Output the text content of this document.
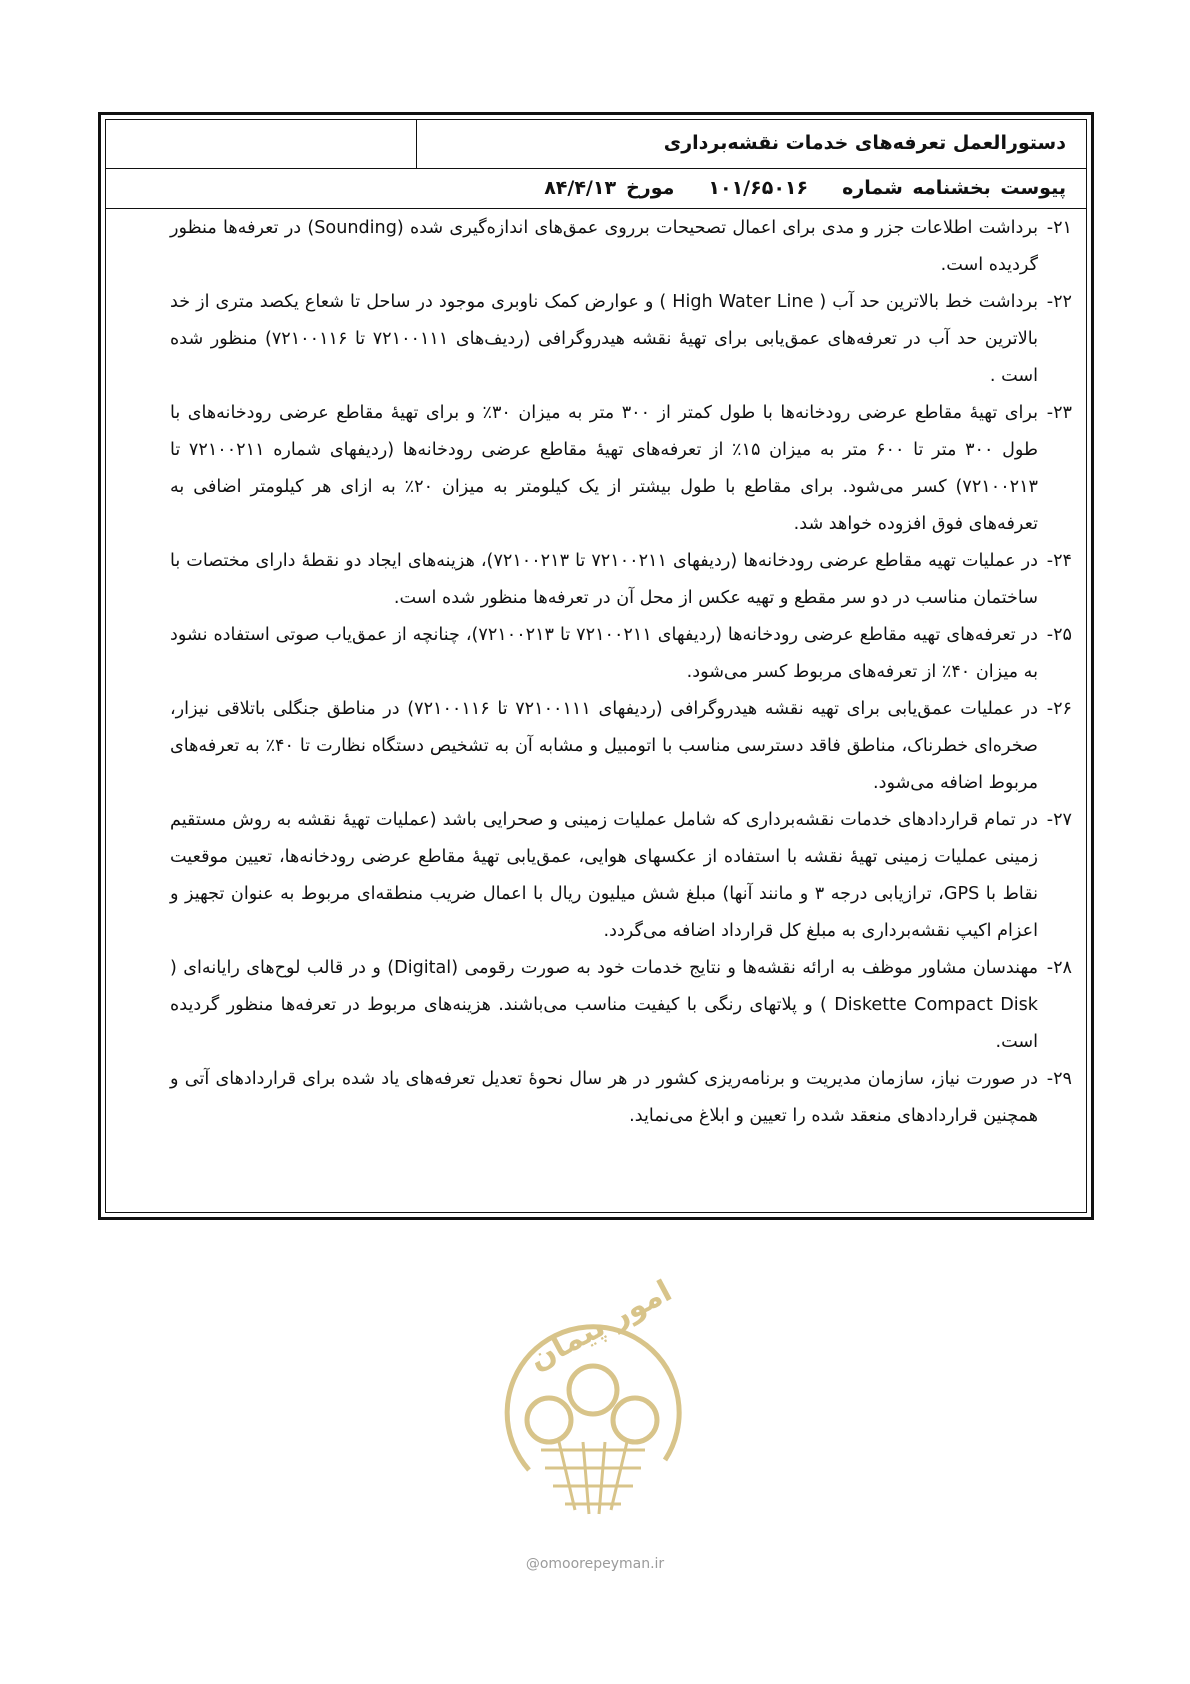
دستورالعمل تعرفه‌های خدمات نقشه‌برداری
پیوست بخشنامه شماره۱۰۱/۶۵۰۱۶مورخ۸۴/۴/۱۳
۲۱-
برداشت اطلاعات جزر و مدی برای اعمال تصحیحات برروی عمق‌های اندازه‌گیری شده (Sounding) در تعرفه‌ها منظور گردیده است.
۲۲-
برداشت خط بالاترین حد آب ( High Water Line ) و عوارض کمک ناوبری موجود در ساحل تا شعاع یکصد متری از خد بالاترین حد آب در تعرفه‌های عمق‌یابی برای تهیهٔ نقشه هیدروگرافی (ردیف‌های ۷۲۱۰۰۱۱۱ تا ۷۲۱۰۰۱۱۶) منظور شده است .
۲۳-
برای تهیهٔ مقاطع عرضی رودخانه‌ها با طول کمتر از ۳۰۰ متر به میزان ۳۰٪ و برای تهیهٔ مقاطع عرضی رودخانه‌های با طول ۳۰۰ متر تا ۶۰۰ متر به میزان ۱۵٪ از تعرفه‌های تهیهٔ مقاطع عرضی رودخانه‌ها (ردیفهای شماره ۷۲۱۰۰۲۱۱ تا ۷۲۱۰۰۲۱۳) کسر می‌شود. برای مقاطع با طول بیشتر از یک کیلومتر به میزان ۲۰٪ به ازای هر کیلومتر اضافی به تعرفه‌های فوق افزوده خواهد شد.
۲۴-
در عملیات تهیه مقاطع عرضی رودخانه‌ها (ردیفهای ۷۲۱۰۰۲۱۱ تا ۷۲۱۰۰۲۱۳)، هزینه‌های ایجاد دو نقطهٔ دارای مختصات با ساختمان مناسب در دو سر مقطع و تهیه عکس از محل آن در تعرفه‌ها منظور شده است.
۲۵-
در تعرفه‌های تهیه مقاطع عرضی رودخانه‌ها (ردیفهای ۷۲۱۰۰۲۱۱ تا ۷۲۱۰۰۲۱۳)، چنانچه از عمق‌یاب صوتی استفاده نشود به میزان ۴۰٪ از تعرفه‌های مربوط کسر می‌شود.
۲۶-
در عملیات عمق‌یابی برای تهیه نقشه هیدروگرافی (ردیفهای ۷۲۱۰۰۱۱۱ تا ۷۲۱۰۰۱۱۶) در مناطق جنگلی باتلاقی نیزار، صخره‌ای خطرناک، مناطق فاقد دسترسی مناسب با اتومبیل و مشابه آن به تشخیص دستگاه نظارت تا ۴۰٪ به تعرفه‌های مربوط اضافه می‌شود.
۲۷-
در تمام قراردادهای خدمات نقشه‌برداری که شامل عملیات زمینی و صحرایی باشد (عملیات تهیهٔ نقشه به روش مستقیم زمینی عملیات زمینی تهیهٔ نقشه با استفاده از عکسهای هوایی، عمق‌یابی تهیهٔ مقاطع عرضی رودخانه‌ها، تعیین موقعیت نقاط با GPS، ترازیابی درجه ۳ و مانند آنها) مبلغ شش میلیون ریال با اعمال ضریب منطقه‌ای مربوط به عنوان تجهیز و اعزام اکیپ نقشه‌برداری به مبلغ کل قرارداد اضافه می‌گردد.
۲۸-
مهندسان مشاور موظف به ارائه نقشه‌ها و نتایج خدمات خود به صورت رقومی (Digital) و در قالب لوح‌های رایانه‌ای ( Diskette Compact Disk ) و پلاتهای رنگی با کیفیت مناسب می‌باشند. هزینه‌های مربوط در تعرفه‌ها منظور گردیده است.
۲۹-
در صورت نیاز، سازمان مدیریت و برنامه‌ریزی کشور در هر سال نحوهٔ تعدیل تعرفه‌های یاد شده برای قراردادهای آتی و همچنین قراردادهای منعقد شده را تعیین و ابلاغ می‌نماید.
امور پیمان
@omoorepeyman.ir
